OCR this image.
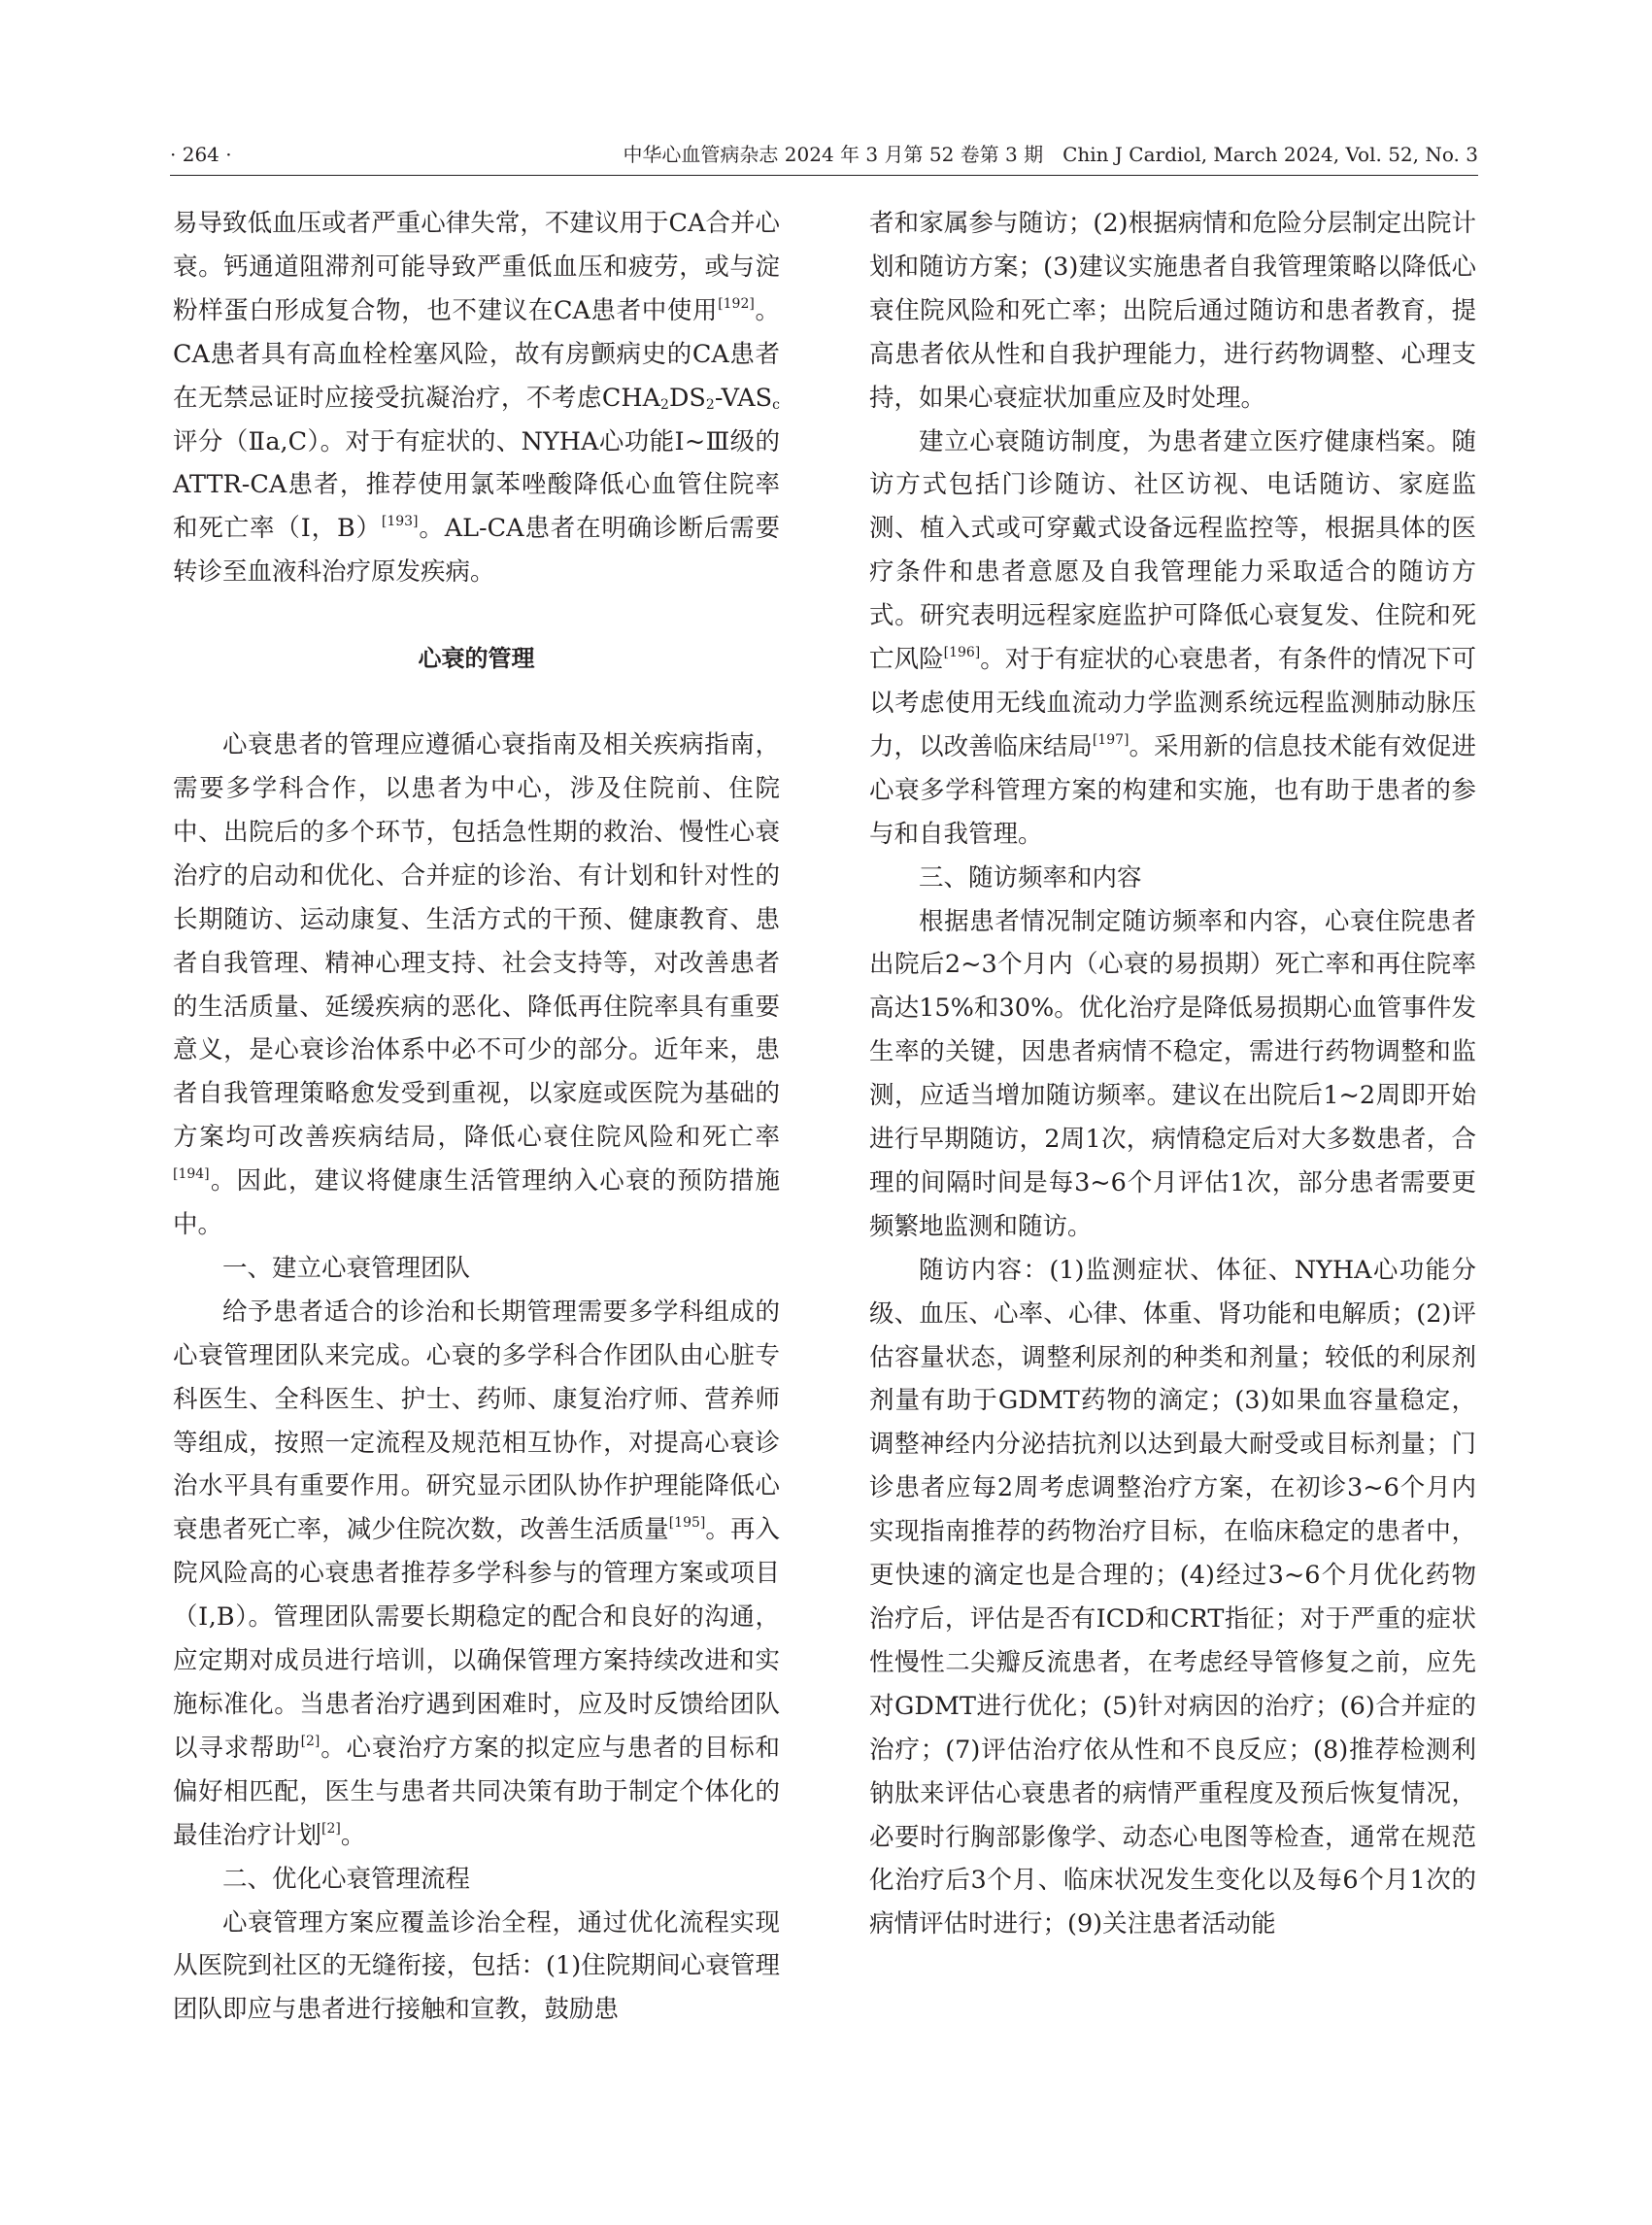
· 264 ·	中华心血管病杂志 2024 年 3 月第 52 卷第 3 期　Chin J Cardiol, March 2024, Vol. 52, No. 3

易导致低血压或者严重心律失常，不建议用于CA合并心衰。钙通道阻滞剂可能导致严重低血压和疲劳，或与淀粉样蛋白形成复合物，也不建议在CA患者中使用[192]。CA患者具有高血栓栓塞风险，故有房颤病史的CA患者在无禁忌证时应接受抗凝治疗，不考虑$CHA_2DS_2-VAS_c$评分（Ⅱa,C）。对于有症状的、NYHA心功能Ⅰ~Ⅲ级的ATTR-CA患者，推荐使用氯苯唑酸降低心血管住院率和死亡率（Ⅰ，B）[193]。AL-CA患者在明确诊断后需要转诊至血液科治疗原发疾病。

心衰的管理

心衰患者的管理应遵循心衰指南及相关疾病指南，需要多学科合作，以患者为中心，涉及住院前、住院中、出院后的多个环节，包括急性期的救治、慢性心衰治疗的启动和优化、合并症的诊治、有计划和针对性的长期随访、运动康复、生活方式的干预、健康教育、患者自我管理、精神心理支持、社会支持等，对改善患者的生活质量、延缓疾病的恶化、降低再住院率具有重要意义，是心衰诊治体系中必不可少的部分。近年来，患者自我管理策略愈发受到重视，以家庭或医院为基础的方案均可改善疾病结局，降低心衰住院风险和死亡率[194]。因此，建议将健康生活管理纳入心衰的预防措施中。

一、建立心衰管理团队

给予患者适合的诊治和长期管理需要多学科组成的心衰管理团队来完成。心衰的多学科合作团队由心脏专科医生、全科医生、护士、药师、康复治疗师、营养师等组成，按照一定流程及规范相互协作，对提高心衰诊治水平具有重要作用。研究显示团队协作护理能降低心衰患者死亡率，减少住院次数，改善生活质量[195]。再入院风险高的心衰患者推荐多学科参与的管理方案或项目（Ⅰ,B）。管理团队需要长期稳定的配合和良好的沟通，应定期对成员进行培训，以确保管理方案持续改进和实施标准化。当患者治疗遇到困难时，应及时反馈给团队以寻求帮助[2]。心衰治疗方案的拟定应与患者的目标和偏好相匹配，医生与患者共同决策有助于制定个体化的最佳治疗计划[2]。

二、优化心衰管理流程

心衰管理方案应覆盖诊治全程，通过优化流程实现从医院到社区的无缝衔接，包括：(1)住院期间心衰管理团队即应与患者进行接触和宣教，鼓励患

者和家属参与随访；(2)根据病情和危险分层制定出院计划和随访方案；(3)建议实施患者自我管理策略以降低心衰住院风险和死亡率；出院后通过随访和患者教育，提高患者依从性和自我护理能力，进行药物调整、心理支持，如果心衰症状加重应及时处理。

建立心衰随访制度，为患者建立医疗健康档案。随访方式包括门诊随访、社区访视、电话随访、家庭监测、植入式或可穿戴式设备远程监控等，根据具体的医疗条件和患者意愿及自我管理能力采取适合的随访方式。研究表明远程家庭监护可降低心衰复发、住院和死亡风险[196]。对于有症状的心衰患者，有条件的情况下可以考虑使用无线血流动力学监测系统远程监测肺动脉压力，以改善临床结局[197]。采用新的信息技术能有效促进心衰多学科管理方案的构建和实施，也有助于患者的参与和自我管理。

三、随访频率和内容

根据患者情况制定随访频率和内容，心衰住院患者出院后2~3个月内（心衰的易损期）死亡率和再住院率高达15%和30%。优化治疗是降低易损期心血管事件发生率的关键，因患者病情不稳定，需进行药物调整和监测，应适当增加随访频率。建议在出院后1~2周即开始进行早期随访，2周1次，病情稳定后对大多数患者，合理的间隔时间是每3~6个月评估1次，部分患者需要更频繁地监测和随访。

随访内容：(1)监测症状、体征、NYHA心功能分级、血压、心率、心律、体重、肾功能和电解质；(2)评估容量状态，调整利尿剂的种类和剂量；较低的利尿剂剂量有助于GDMT药物的滴定；(3)如果血容量稳定，调整神经内分泌拮抗剂以达到最大耐受或目标剂量；门诊患者应每2周考虑调整治疗方案，在初诊3~6个月内实现指南推荐的药物治疗目标，在临床稳定的患者中，更快速的滴定也是合理的；(4)经过3~6个月优化药物治疗后，评估是否有ICD和CRT指征；对于严重的症状性慢性二尖瓣反流患者，在考虑经导管修复之前，应先对GDMT进行优化；(5)针对病因的治疗；(6)合并症的治疗；(7)评估治疗依从性和不良反应；(8)推荐检测利钠肽来评估心衰患者的病情严重程度及预后恢复情况，必要时行胸部影像学、动态心电图等检查，通常在规范化治疗后3个月、临床状况发生变化以及每6个月1次的病情评估时进行；(9)关注患者活动能
